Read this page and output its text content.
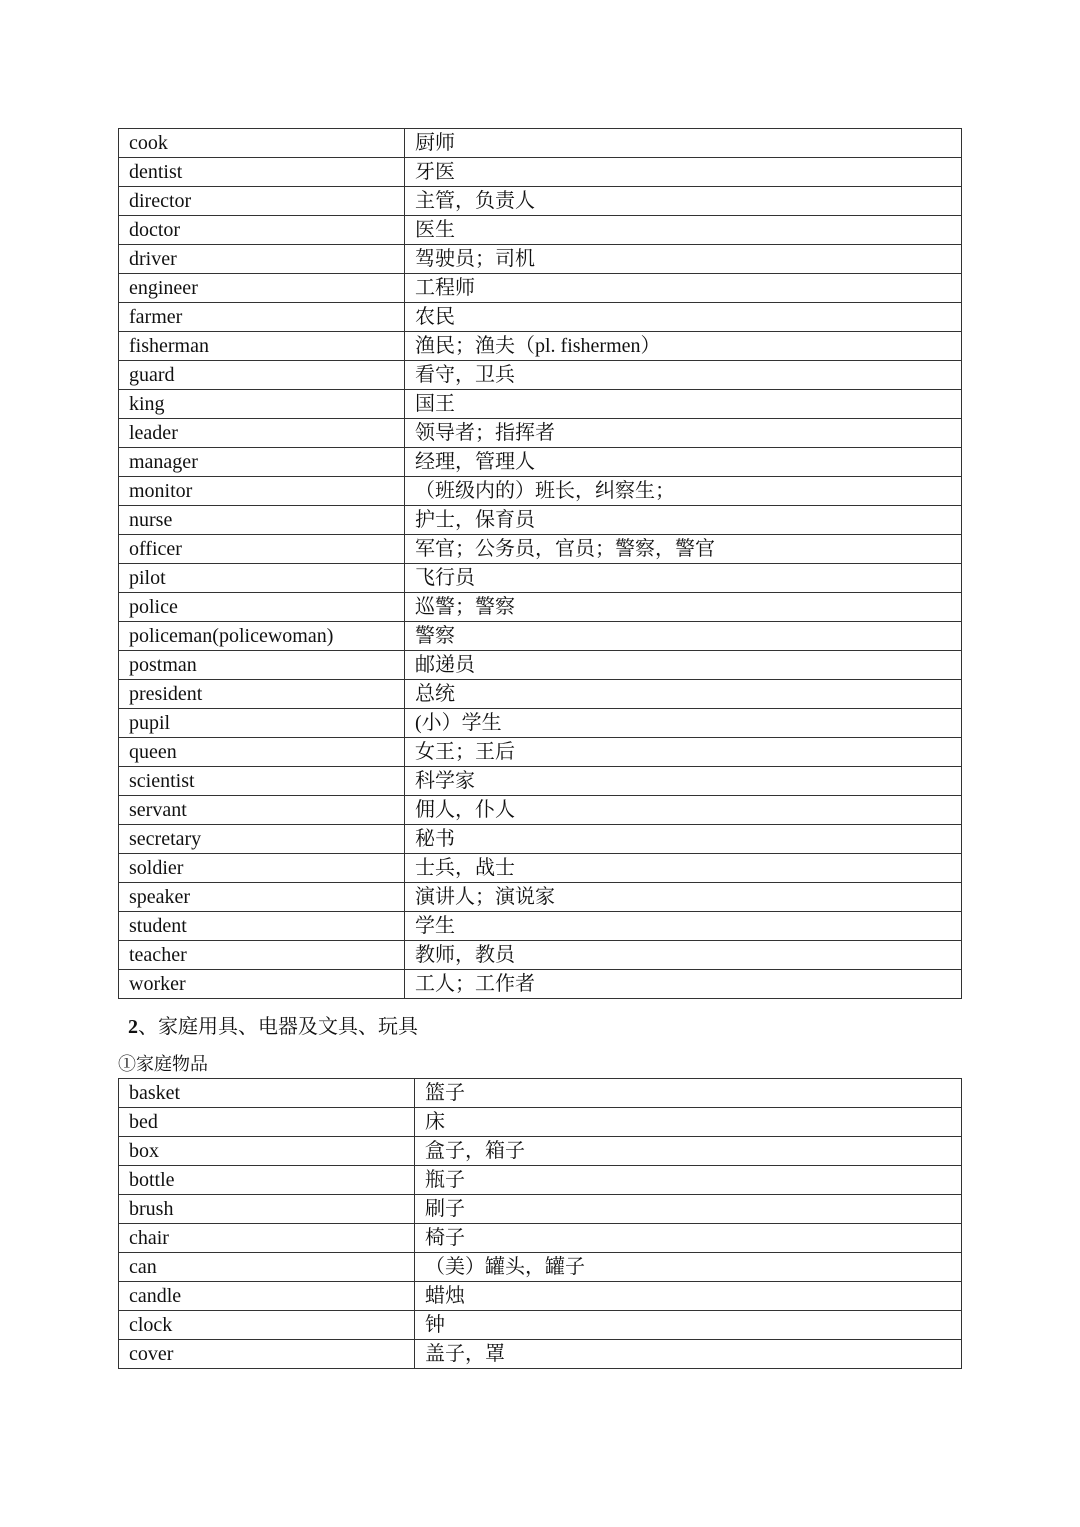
cook	厨师
dentist	牙医
director	主管，负责人
doctor	医生
driver	驾驶员；司机
engineer	工程师
farmer	农民
fisherman	渔民；渔夫（pl. fishermen）
guard	看守，卫兵
king	国王
leader	领导者；指挥者
manager	经理，管理人
monitor	（班级内的）班长，纠察生；
nurse	护士，保育员
officer	军官；公务员，官员；警察，警官
pilot	飞行员
police	巡警；警察
policeman(policewoman)	警察
postman	邮递员
president	总统
pupil	(小）学生
queen	女王；王后
scientist	科学家
servant	佣人，仆人
secretary	秘书
soldier	士兵，战士
speaker	演讲人；演说家
student	学生
teacher	教师，教员
worker	工人；工作者
2、家庭用具、电器及文具、玩具
①家庭物品
basket	篮子
bed	床
box	盒子，箱子
bottle	瓶子
brush	刷子
chair	椅子
can	（美）罐头，罐子
candle	蜡烛
clock	钟
cover	盖子，罩
